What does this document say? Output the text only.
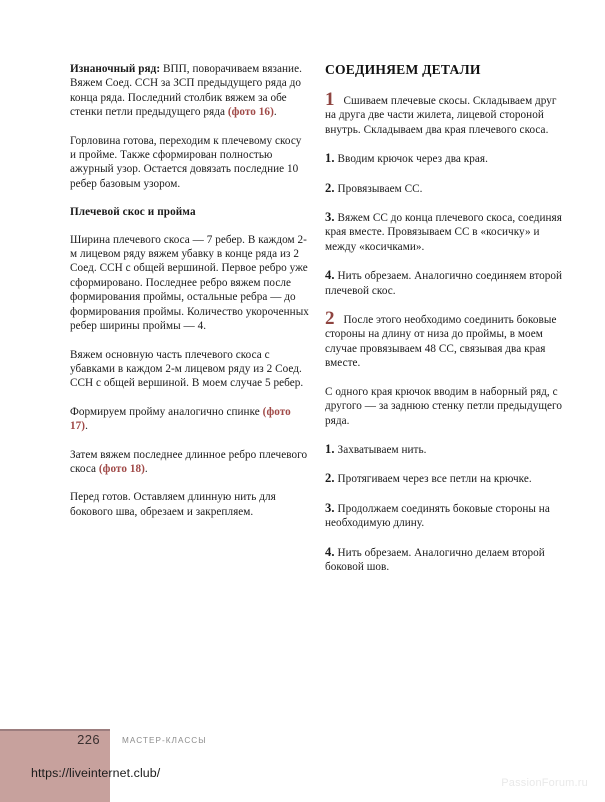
Изнаночный ряд: ВПП, поворачиваем вязание. Вяжем Соед. ССН за ЗСП предыдущего ряда до конца ряда. Последний столбик вяжем за обе стенки петли предыдущего ряда (фото 16).

Горловина готова, переходим к плечевому скосу и пройме. Также сформирован полностью ажурный узор. Остается довязать последние 10 ребер базовым узором.

Плечевой скос и пройма

Ширина плечевого скоса — 7 ребер. В каждом 2-м лицевом ряду вяжем убавку в конце ряда из 2 Соед. ССН с общей вершиной. Первое ребро уже сформировано. Последнее ребро вяжем после формирования проймы, остальные ребра — до формирования проймы. Количество укороченных ребер ширины проймы — 4.

Вяжем основную часть плечевого скоса с убавками в каждом 2-м лицевом ряду из 2 Соед. ССН с общей вершиной. В моем случае 5 ребер.

Формируем пройму аналогично спинке (фото 17).

Затем вяжем последнее длинное ребро плечевого скоса (фото 18).

Перед готов. Оставляем длинную нить для бокового шва, обрезаем и закрепляем.

СОЕДИНЯЕМ ДЕТАЛИ

1 Сшиваем плечевые скосы. Складываем друг на друга две части жилета, лицевой стороной внутрь. Складываем два края плечевого скоса.

1. Вводим крючок через два края.

2. Провязываем СС.

3. Вяжем СС до конца плечевого скоса, соединяя края вместе. Провязываем СС в «косичку» и между «косичками».

4. Нить обрезаем. Аналогично соединяем второй плечевой скос.

2 После этого необходимо соединить боковые стороны на длину от низа до проймы, в моем случае провязываем 48 СС, связывая два края вместе.

С одного края крючок вводим в наборный ряд, с другого — за заднюю стенку петли предыдущего ряда.

1. Захватываем нить.

2. Протягиваем через все петли на крючке.

3. Продолжаем соединять боковые стороны на необходимую длину.

4. Нить обрезаем. Аналогично делаем второй боковой шов.

226	МАСТЕР-КЛАССЫ
https://liveinternet.club/
PassionForum.ru
